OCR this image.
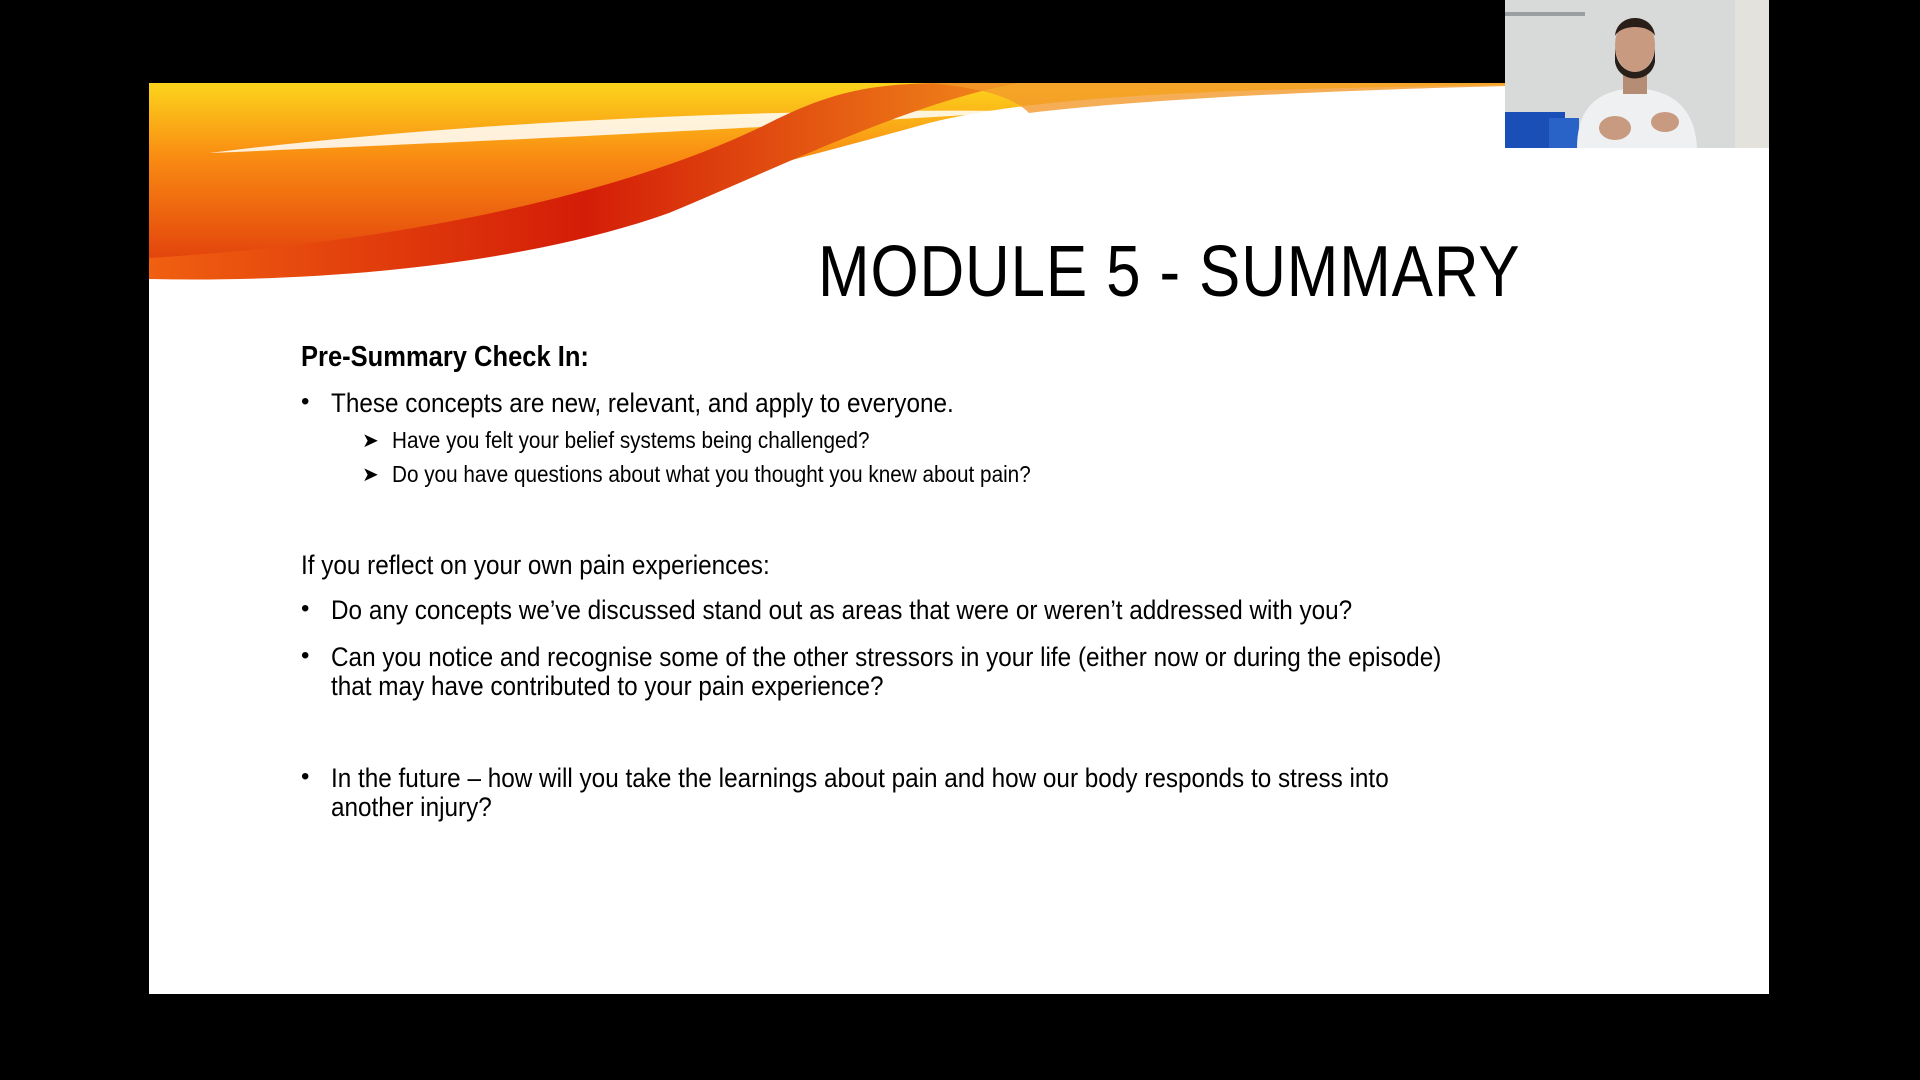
MODULE 5 - SUMMARY
Pre-Summary Check In:
• These concepts are new, relevant, and apply to everyone.
➤ Have you felt your belief systems being challenged?
➤ Do you have questions about what you thought you knew about pain?
If you reflect on your own pain experiences:
• Do any concepts we’ve discussed stand out as areas that were or weren’t addressed with you?
• Can you notice and recognise some of the other stressors in your life (either now or during the episode)
that may have contributed to your pain experience?
• In the future – how will you take the learnings about pain and how our body responds to stress into
another injury?
